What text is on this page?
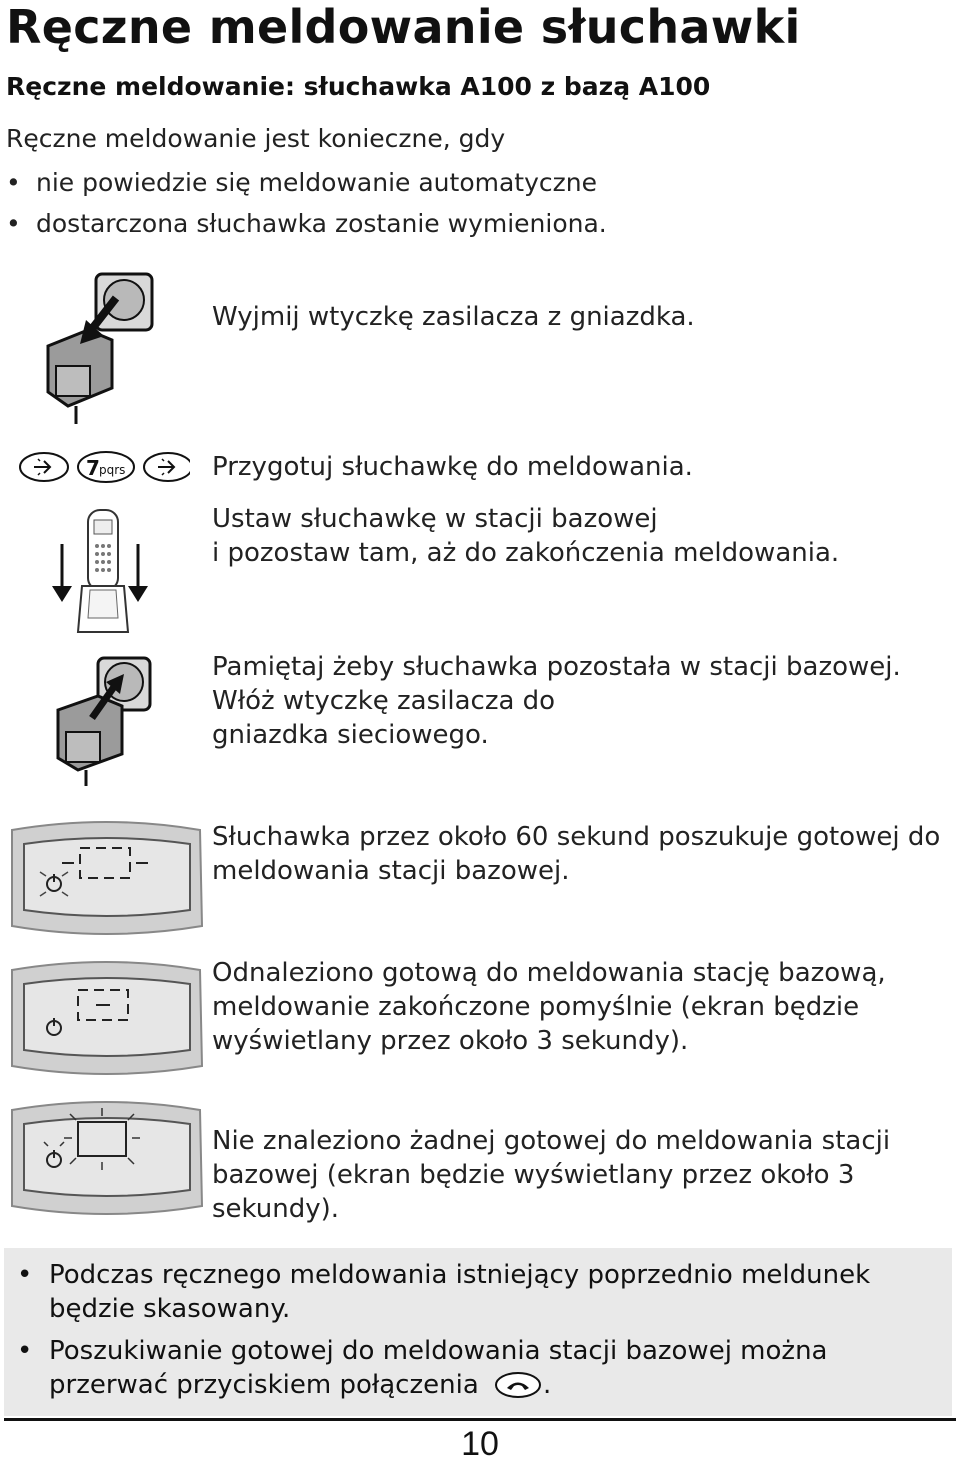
Ręczne meldowanie słuchawki
Ręczne meldowanie: słuchawka A100 z bazą A100
Ręczne meldowanie jest konieczne, gdy
• nie powiedzie się meldowanie automatyczne
• dostarczona słuchawka zostanie wymieniona.
Wyjmij wtyczkę zasilacza z gniazdka.
7 pqrs	Przygotuj słuchawkę do meldowania.
Ustaw słuchawkę w stacji bazowej
i pozostaw tam, aż do zakończenia meldowania.
Pamiętaj żeby słuchawka pozostała w stacji bazowej.
Włóż wtyczkę zasilacza do
gniazdka sieciowego.
Słuchawka przez około 60 sekund poszukuje gotowej do
meldowania stacji bazowej.
Odnaleziono gotową do meldowania stację bazową,
meldowanie zakończone pomyślnie (ekran będzie
wyświetlany przez około 3 sekundy).
Nie znaleziono żadnej gotowej do meldowania stacji
bazowej (ekran będzie wyświetlany przez około 3
sekundy).
• Podczas ręcznego meldowania istniejący poprzednio meldunek
będzie skasowany.
• Poszukiwanie gotowej do meldowania stacji bazowej można
przerwać przyciskiem połączenia .
10
